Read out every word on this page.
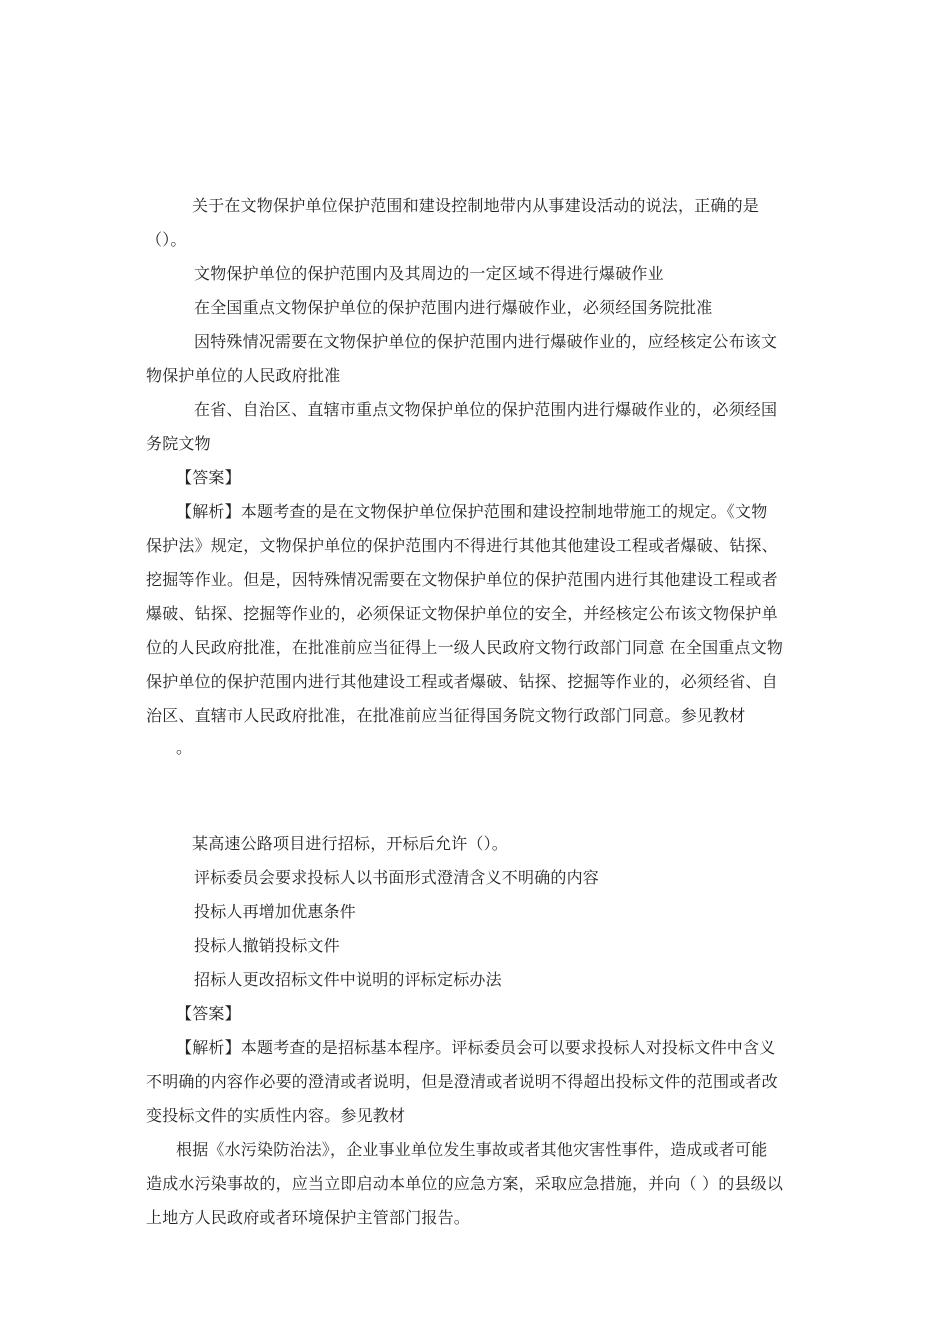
关于在文物保护单位保护范围和建设控制地带内从事建设活动的说法，正确的是
（）。
文物保护单位的保护范围内及其周边的一定区域不得进行爆破作业
在全国重点文物保护单位的保护范围内进行爆破作业，必须经国务院批准
因特殊情况需要在文物保护单位的保护范围内进行爆破作业的，应经核定公布该文
物保护单位的人民政府批准
在省、自治区、直辖市重点文物保护单位的保护范围内进行爆破作业的，必须经国
务院文物
【答案】
【解析】本题考查的是在文物保护单位保护范围和建设控制地带施工的规定。《文物
保护法》规定，文物保护单位的保护范围内不得进行其他其他建设工程或者爆破、钻探、
挖掘等作业。但是，因特殊情况需要在文物保护单位的保护范围内进行其他建设工程或者
爆破、钻探、挖掘等作业的，必须保证文物保护单位的安全，并经核定公布该文物保护单
位的人民政府批准，在批准前应当征得上一级人民政府文物行政部门同意 在全国重点文物
保护单位的保护范围内进行其他建设工程或者爆破、钻探、挖掘等作业的，必须经省、自
治区、直辖市人民政府批准，在批准前应当征得国务院文物行政部门同意。参见教材
。
某高速公路项目进行招标，开标后允许（）。
评标委员会要求投标人以书面形式澄清含义不明确的内容
投标人再增加优惠条件
投标人撤销投标文件
招标人更改招标文件中说明的评标定标办法
【答案】
【解析】本题考查的是招标基本程序。评标委员会可以要求投标人对投标文件中含义
不明确的内容作必要的澄清或者说明，但是澄清或者说明不得超出投标文件的范围或者改
变投标文件的实质性内容。参见教材
根据《水污染防治法》，企业事业单位发生事故或者其他灾害性事件，造成或者可能
造成水污染事故的，应当立即启动本单位的应急方案，采取应急措施，并向（ ）的县级以
上地方人民政府或者环境保护主管部门报告。
